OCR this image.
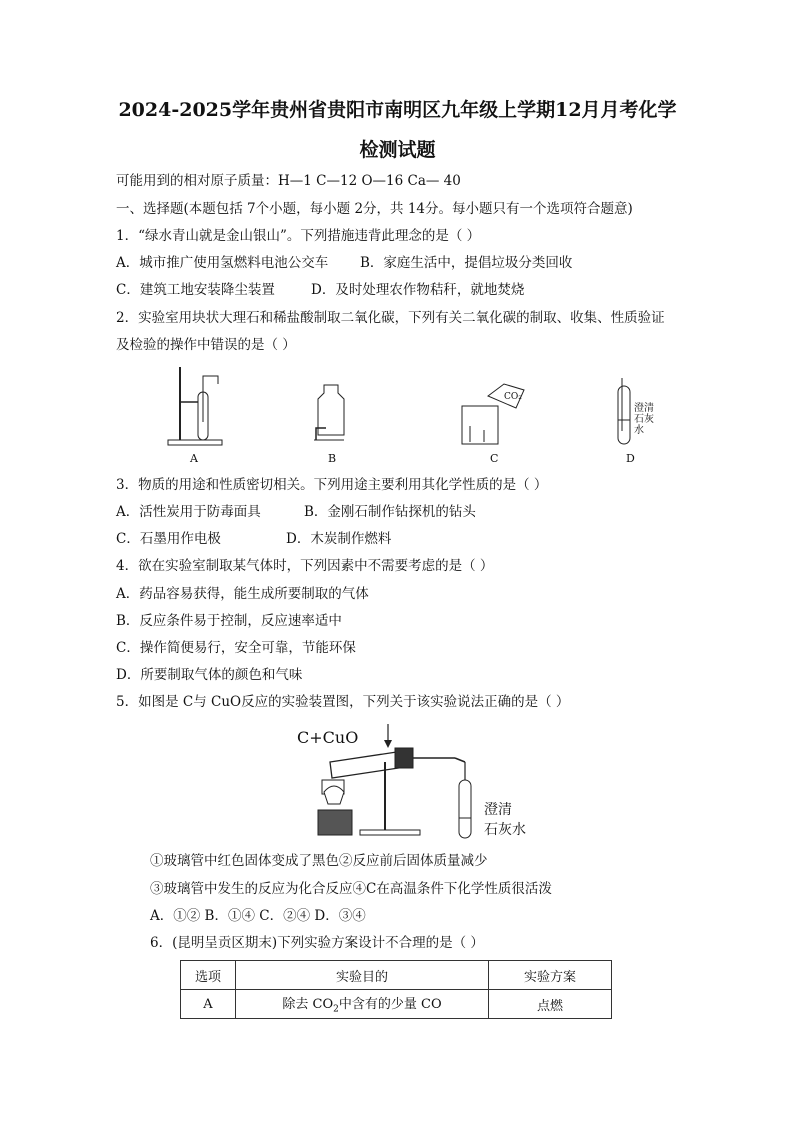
2024-2025学年贵州省贵阳市南明区九年级上学期12月月考化学
检测试题
可能用到的相对原子质量：H—1 C—12 O—16 Ca— 40
一、选择题(本题包括 7个小题，每小题 2分，共 14分。每小题只有一个选项符合题意)
1．“绿水青山就是金山银山”。下列措施违背此理念的是（ ）
A．城市推广使用氢燃料电池公交车 B．家庭生活中，提倡垃圾分类回收
C．建筑工地安装降尘装置	D．及时处理农作物秸秆，就地焚烧
2．实验室用块状大理石和稀盐酸制取二氧化碳，下列有关二氧化碳的制取、收集、性质验证
及检验的操作中错误的是（ ）
CO₂
澄清
石灰
水
A	B	C	D
3．物质的用途和性质密切相关。下列用途主要利用其化学性质的是（ ）
A．活性炭用于防毒面具	B．金刚石制作钻探机的钻头
C．石墨用作电极	D．木炭制作燃料
4．欲在实验室制取某气体时，下列因素中不需要考虑的是（ ）
A．药品容易获得，能生成所要制取的气体
B．反应条件易于控制，反应速率适中
C．操作简便易行，安全可靠，节能环保
D．所要制取气体的颜色和气味
5．如图是 C与 CuO反应的实验装置图，下列关于该实验说法正确的是（ ）
C+CuO
澄清
石灰水
①玻璃管中红色固体变成了黑色②反应前后固体质量减少
③玻璃管中发生的反应为化合反应④C在高温条件下化学性质很活泼
A．①② B．①④ C．②④ D．③④
6．(昆明呈贡区期末)下列实验方案设计不合理的是（ ）
选项	实验目的	实验方案
A	除去 $CO_2$中含有的少量 CO	点燃
